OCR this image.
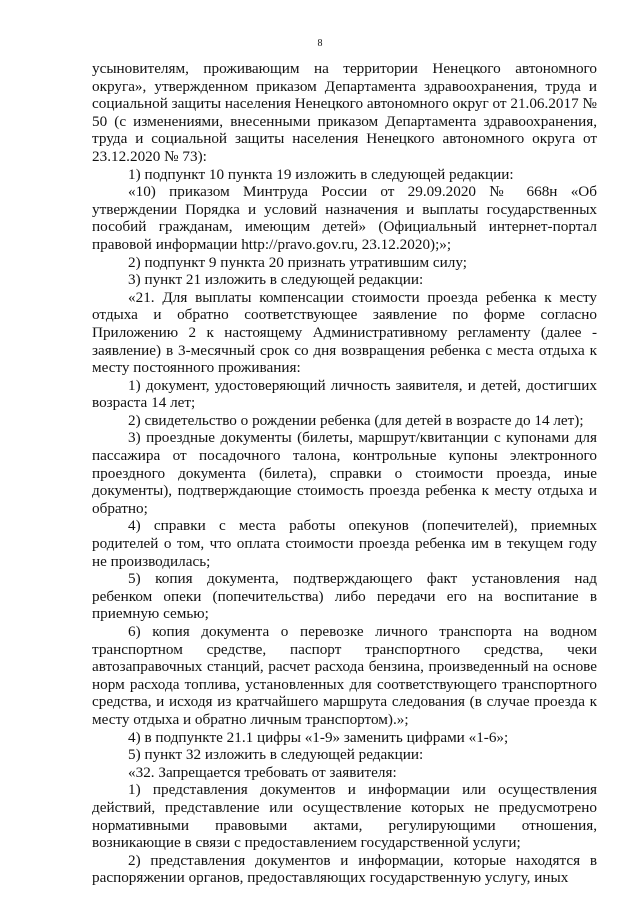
8

усыновителям, проживающим на территории Ненецкого автономного округа», утвержденном приказом Департамента здравоохранения, труда и социальной защиты населения Ненецкого автономного округ от 21.06.2017 № 50 (с изменениями, внесенными приказом Департамента здравоохранения, труда и социальной защиты населения Ненецкого автономного округа от 23.12.2020 № 73):

1) подпункт 10 пункта 19 изложить в следующей редакции:

«10) приказом Минтруда России от 29.09.2020 № 668н «Об утверждении Порядка и условий назначения и выплаты государственных пособий гражданам, имеющим детей» (Официальный интернет-портал правовой информации http://pravo.gov.ru, 23.12.2020);»;

2) подпункт 9 пункта 20 признать утратившим силу;

3) пункт 21 изложить в следующей редакции:

«21. Для выплаты компенсации стоимости проезда ребенка к месту отдыха и обратно соответствующее заявление по форме согласно Приложению 2 к настоящему Административному регламенту (далее - заявление) в 3-месячный срок со дня возвращения ребенка с места отдыха к месту постоянного проживания:

1) документ, удостоверяющий личность заявителя, и детей, достигших возраста 14 лет;

2) свидетельство о рождении ребенка (для детей в возрасте до 14 лет);

3) проездные документы (билеты, маршрут/квитанции с купонами для пассажира от посадочного талона, контрольные купоны электронного проездного документа (билета), справки о стоимости проезда, иные документы), подтверждающие стоимость проезда ребенка к месту отдыха и обратно;

4) справки с места работы опекунов (попечителей), приемных родителей о том, что оплата стоимости проезда ребенка им в текущем году не производилась;

5) копия документа, подтверждающего факт установления над ребенком опеки (попечительства) либо передачи его на воспитание в приемную семью;

6) копия документа о перевозке личного транспорта на водном транспортном средстве, паспорт транспортного средства, чеки автозаправочных станций, расчет расхода бензина, произведенный на основе норм расхода топлива, установленных для соответствующего транспортного средства, и исходя из кратчайшего маршрута следования (в случае проезда к месту отдыха и обратно личным транспортом).»;

4) в подпункте 21.1 цифры «1-9» заменить цифрами «1-6»;

5) пункт 32 изложить в следующей редакции:

«32. Запрещается требовать от заявителя:

1) представления документов и информации или осуществления действий, представление или осуществление которых не предусмотрено нормативными правовыми актами, регулирующими отношения, возникающие в связи с предоставлением государственной услуги;

2) представления документов и информации, которые находятся в распоряжении органов, предоставляющих государственную услугу, иных
